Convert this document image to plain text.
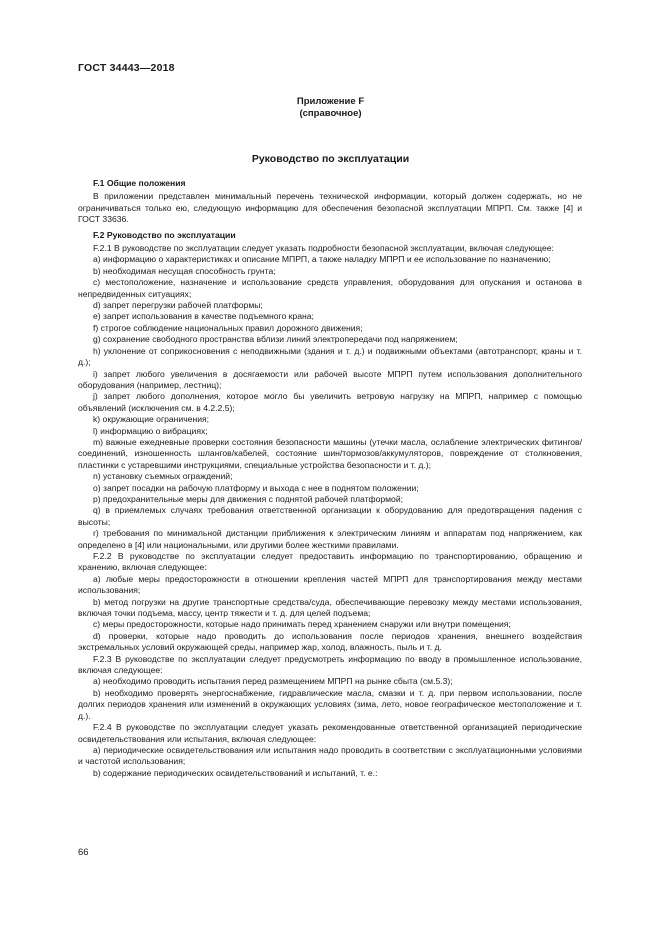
ГОСТ 34443—2018
Приложение F
(справочное)
Руководство по эксплуатации

F.1 Общие положения

В приложении представлен минимальный перечень технической информации, который должен содержать, но не ограничиваться только ею, следующую информацию для обеспечения безопасной эксплуатации МПРП. См. также [4] и ГОСТ 33636.

F.2 Руководство по эксплуатации

F.2.1 В руководстве по эксплуатации следует указать подробности безопасной эксплуатации, включая следующее:

a) информацию о характеристиках и описание МПРП, а также наладку МПРП и ее использование по назначению;

b) необходимая несущая способность грунта;

c) местоположение, назначение и использование средств управления, оборудования для опускания и останова в непредвиденных ситуациях;

d) запрет перегрузки рабочей платформы;

e) запрет использования в качестве подъемного крана;

f) строгое соблюдение национальных правил дорожного движения;

g) сохранение свободного пространства вблизи линий электропередачи под напряжением;

h) уклонение от соприкосновения с неподвижными (здания и т. д.) и подвижными объектами (автотранспорт, краны и т. д.);

i) запрет любого увеличения в досягаемости или рабочей высоте МПРП путем использования дополнительного оборудования (например, лестниц);

j) запрет любого дополнения, которое могло бы увеличить ветровую нагрузку на МПРП, например с помощью объявлений (исключения см. в 4.2.2.5);

k) окружающие ограничения;

l) информацию о вибрациях;

m) важные ежедневные проверки состояния безопасности машины (утечки масла, ослабление электрических фитингов/соединений, изношенность шлангов/кабелей, состояние шин/тормозов/аккумуляторов, повреждение от столкновения, пластинки с устаревшими инструкциями, специальные устройства безопасности и т. д.);

n) установку съемных ограждений;

o) запрет посадки на рабочую платформу и выхода с нее в поднятом положении;

p) предохранительные меры для движения с поднятой рабочей платформой;

q) в приемлемых случаях требования ответственной организации к оборудованию для предотвращения падения с высоты;

r) требования по минимальной дистанции приближения к электрическим линиям и аппаратам под напряжением, как определено в [4] или национальными, или другими более жесткими правилами.

F.2.2 В руководстве по эксплуатации следует предоставить информацию по транспортированию, обращению и хранению, включая следующее:

a) любые меры предосторожности в отношении крепления частей МПРП для транспортирования между местами использования;

b) метод погрузки на другие транспортные средства/суда, обеспечивающие перевозку между местами использования, включая точки подъема, массу, центр тяжести и т. д. для целей подъема;

c) меры предосторожности, которые надо принимать перед хранением снаружи или внутри помещения;

d) проверки, которые надо проводить до использования после периодов хранения, внешнего воздействия экстремальных условий окружающей среды, например жар, холод, влажность, пыль и т. д.

F.2.3 В руководстве по эксплуатации следует предусмотреть информацию по вводу в промышленное использование, включая следующее:

a) необходимо проводить испытания перед размещением МПРП на рынке сбыта (см.5.3);

b) необходимо проверять энергоснабжение, гидравлические масла, смазки и т. д. при первом использовании, после долгих периодов хранения или изменений в окружающих условиях (зима, лето, новое географическое местоположение и т. д.).

F.2.4 В руководстве по эксплуатации следует указать рекомендованные ответственной организацией периодические освидетельствования или испытания, включая следующее:

a) периодические освидетельствования или испытания надо проводить в соответствии с эксплуатационными условиями и частотой использования;

b) содержание периодических освидетельствований и испытаний, т. е.:

66
